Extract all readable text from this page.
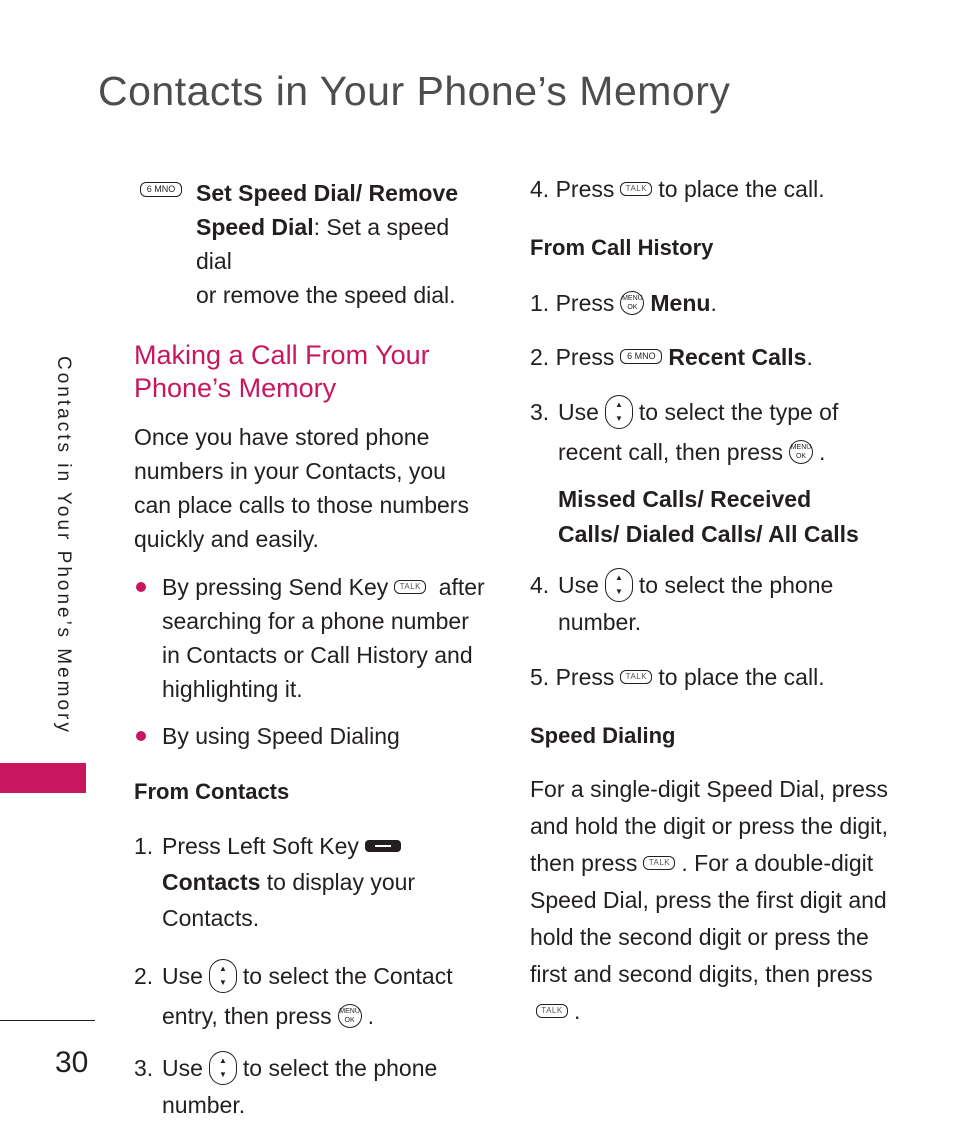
Contacts in Your Phone’s Memory
Contacts in Your Phone’s Memory
30
6 MNO Set Speed Dial/ Remove

Speed Dial: Set a speed dial

or remove the speed dial.

Making a Call From Your
Phone’s Memory

Once you have stored phone numbers in your Contacts, you can place calls to those numbers quickly and easily.

By pressing Send Key TALK after searching for a phone number in Contacts or Call History and highlighting it.
By using Speed Dialing

From Contacts

1. Press Left Soft Key
Contacts to display your Contacts.
2. Use ▲
▼ to select the Contact
entry, then press MENU
OK .
3. Use ▲
▼ to select the phone
number.

4. Press TALK to place the call.

From Call History

1. Press MENU
OK Menu.

2. Press 6 MNO Recent Calls.

3. Use ▲
▼ to select the type of
recent call, then press MENU
OK .

Missed Calls/ Received
Calls/ Dialed Calls/ All Calls

4. Use ▲
▼ to select the phone
number.

5. Press TALK to place the call.

Speed Dialing

For a single-digit Speed Dial, press and hold the digit or press the digit, then press TALK . For a double-digit Speed Dial, press the first digit and hold the second digit or press the first and second digits, then press
TALK .
